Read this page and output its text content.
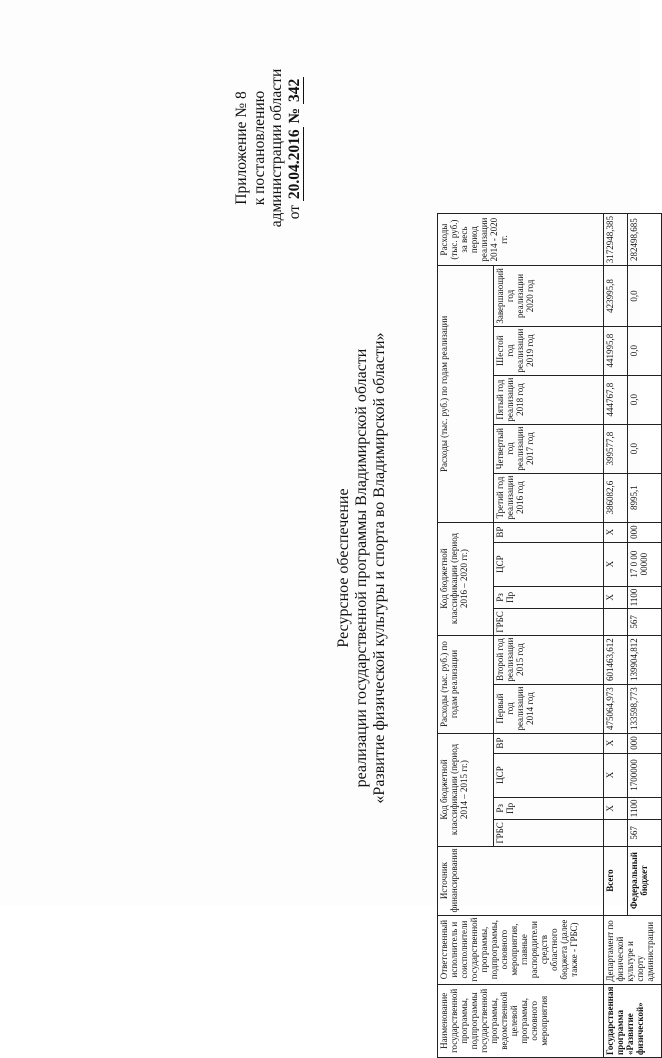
Приложение № 8 к постановлению администрации области от 20.04.2016 № 342
Ресурсное обеспечение реализации государственной программы Владимирской области «Развитие физической культуры и спорта во Владимирской области»
Наименование государственной программы, подпрограммы государственной программы, ведомственной целевой программы, основного мероприятия	Ответственный исполнитель и соисполнители государственной программы, подпрограммы, основного мероприятия, главные распорядители средств областного бюджета (далее также - ГРБС)	Источник финансирования	Код бюджетной классификации (период 2014 – 2015 гг.)				Расходы (тыс. руб.) по годам реализации		Код бюджетной классификации (период 2016 – 2020 гг.)				Расходы (тыс. руб.) по годам реализации					Расходы (тыс. руб.) за весь период реализации 2014 - 2020 гг.
			ГРБС	Рз Пр	ЦСР	ВР	Первый год реализации 2014 год	Второй год реализации 2015 год	ГРБС	Рз Пр	ЦСР	ВР	Третий год реализации 2016 год	Четвертый год реализации 2017 год	Пятый год реализации 2018 год	Шестой год реализации 2019 год	Завершающий год реализации 2020 год	
Государственная программа «Развитие физической»	Департамент по физической культуре и спорту администрации	Всего		Х	Х	Х	475064,973	601463,612		Х	Х	Х	386082,6	399577,8	444767,8	441995,8	423995,8	3172948,385
		Федеральный бюджет	567	1100	1700000	000	133598,773	139904,812	567	1100	17 0 00 00000	000	8995,1	0,0	0,0	0,0	0,0	282498,685
